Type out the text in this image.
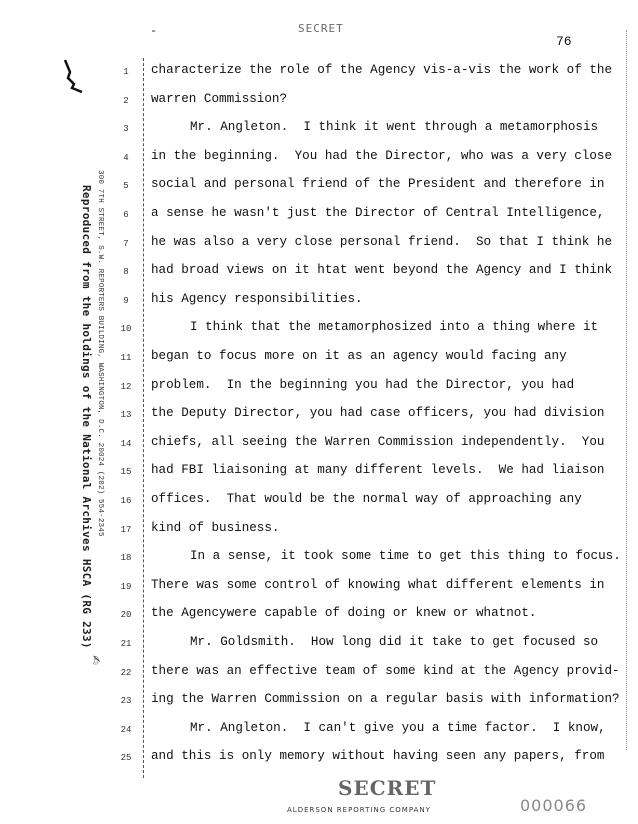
-	SECRET
76
Reproduced from the holdings of the National Archives HSCA (RG 233) 300 7TH STREET, S.W. REPORTERS BUILDING, WASHINGTON, D.C. 20024 (202) 554-2345
✍
1	characterize the role of the Agency vis-a-vis the work of the
2	warren Commission?
3	Mr. Angleton.  I think it went through a metamorphosis
4	in the beginning.  You had the Director, who was a very close
5	social and personal friend of the President and therefore in
6	a sense he wasn't just the Director of Central Intelligence,
7	he was also a very close personal friend.  So that I think he
8	had broad views on it htat went beyond the Agency and I think
9	his Agency responsibilities.
10	I think that the metamorphosized into a thing where it
11 began to focus more on it as an agency would facing any
12 problem.  In the beginning you had the Director, you had
13 the Deputy Director, you had case officers, you had division
14 chiefs, all seeing the Warren Commission independently.  You
15 had FBI liaisoning at many different levels.  We had liaison
16 offices.  That would be the normal way of approaching any
17 kind of business.
18	In a sense, it took some time to get this thing to focus.
19 There was some control of knowing what different elements in
20 the Agencywere capable of doing or knew or whatnot.
21	Mr. Goldsmith.  How long did it take to get focused so
22 there was an effective team of some kind at the Agency provid-
23 ing the Warren Commission on a regular basis with information?
24	Mr. Angleton.  I can't give you a time factor.  I know,
25 and this is only memory without having seen any papers, from
SECRET
ALDERSON REPORTING COMPANY	000066
